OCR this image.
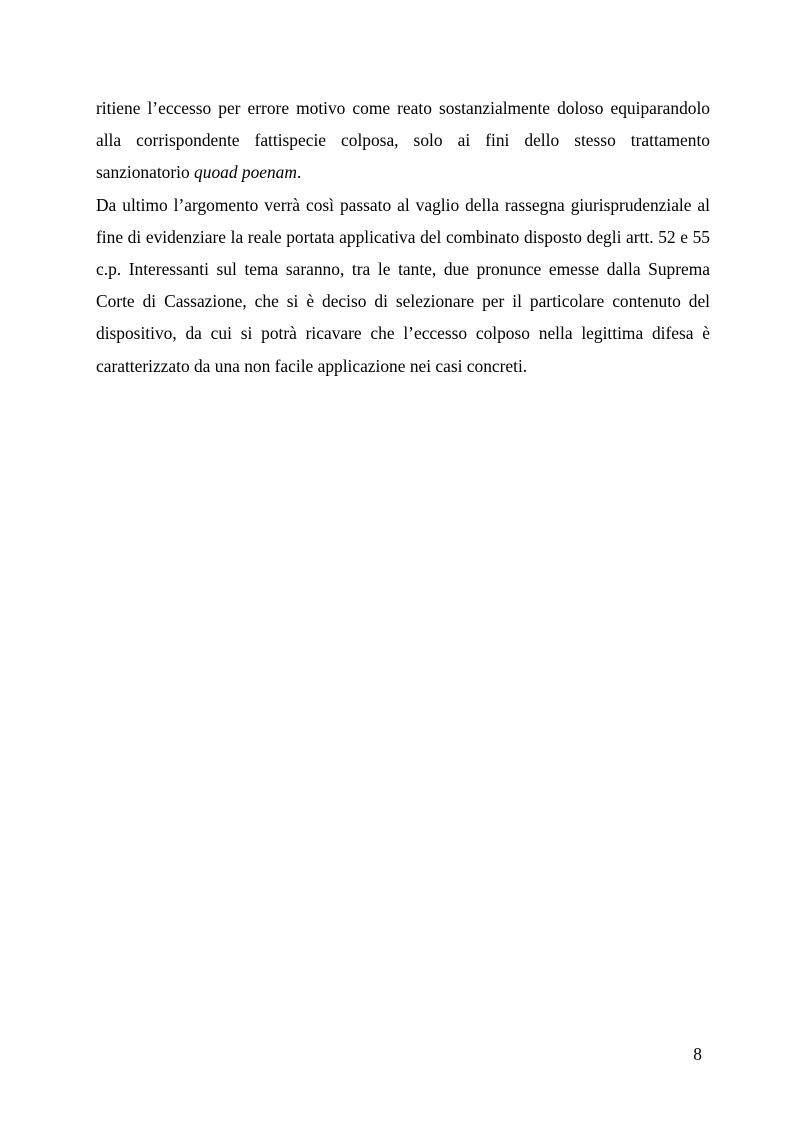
ritiene l’eccesso per errore motivo come reato sostanzialmente doloso equiparandolo alla corrispondente fattispecie colposa, solo ai fini dello stesso trattamento sanzionatorio quoad poenam.

Da ultimo l’argomento verrà così passato al vaglio della rassegna giurisprudenziale al fine di evidenziare la reale portata applicativa del combinato disposto degli artt. 52 e 55 c.p. Interessanti sul tema saranno, tra le tante, due pronunce emesse dalla Suprema Corte di Cassazione, che si è deciso di selezionare per il particolare contenuto del dispositivo, da cui si potrà ricavare che l’eccesso colposo nella legittima difesa è caratterizzato da una non facile applicazione nei casi concreti.

8
